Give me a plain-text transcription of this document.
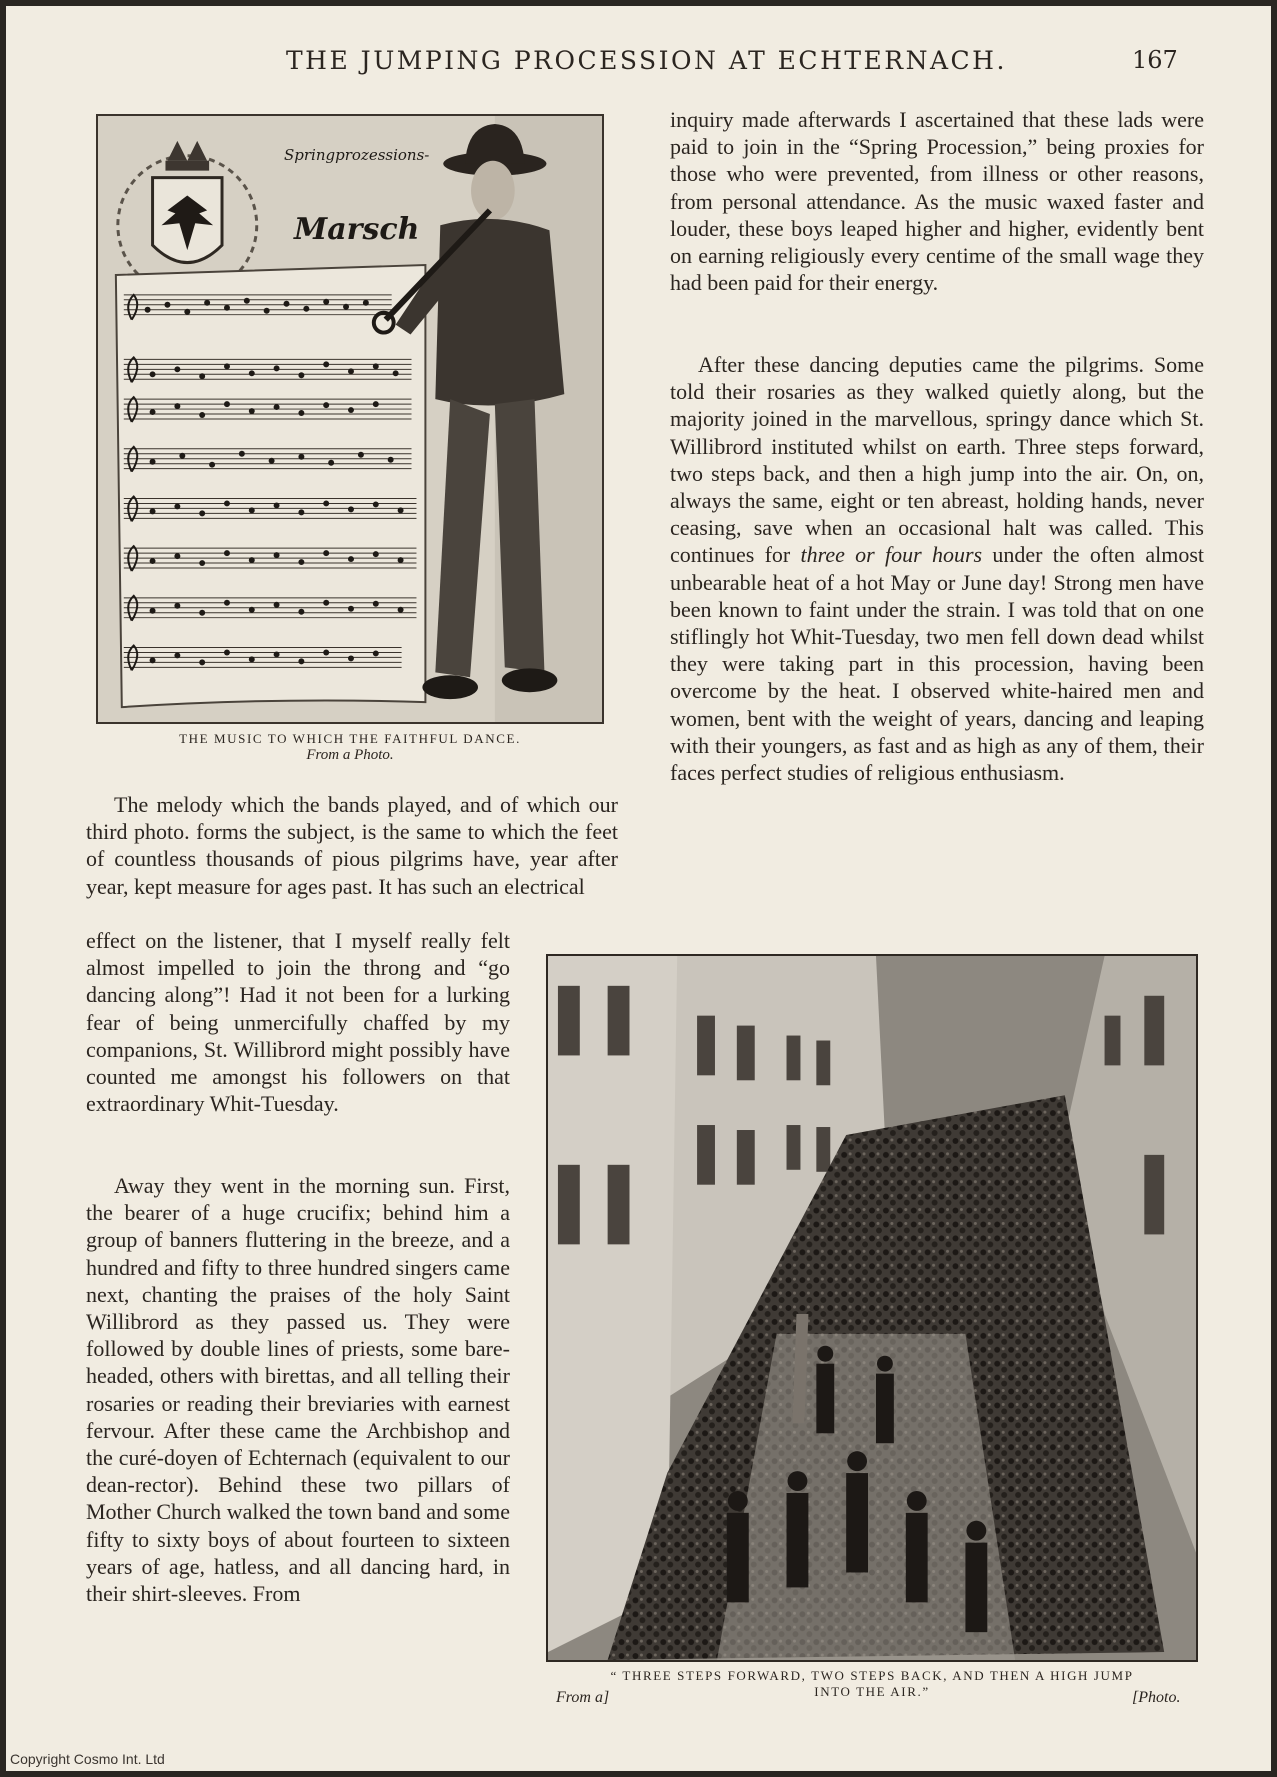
THE JUMPING PROCESSION AT ECHTERNACH.	167
Springprozessions-
Marsch
THE MUSIC TO WHICH THE FAITHFUL DANCE.
From a Photo.

inquiry made afterwards I ascertained that these lads were paid to join in the “Spring Procession,” being proxies for those who were prevented, from illness or other reasons, from personal attendance. As the music waxed faster and louder, these boys leaped higher and higher, evidently bent on earning religiously every centime of the small wage they had been paid for their energy.

After these dancing deputies came the pilgrims. Some told their rosaries as they walked quietly along, but the majority joined in the marvellous, springy dance which St. Willibrord instituted whilst on earth. Three steps forward, two steps back, and then a high jump into the air. On, on, always the same, eight or ten abreast, holding hands, never ceasing, save when an occasional halt was called. This continues for three or four hours under the often almost unbearable heat of a hot May or June day! Strong men have been known to faint under the strain. I was told that on one stiflingly hot Whit-Tuesday, two men fell down dead whilst they were taking part in this procession, having been overcome by the heat. I observed white-haired men and women, bent with the weight of years, dancing and leaping with their youngers, as fast and as high as any of them, their faces perfect studies of religious enthusiasm.

The melody which the bands played, and of which our third photo. forms the subject, is the same to which the feet of countless thousands of pious pilgrims have, year after year, kept measure for ages past. It has such an electrical

effect on the listener, that I myself really felt almost impelled to join the throng and “go dancing along”! Had it not been for a lurking fear of being unmercifully chaffed by my companions, St. Willibrord might possibly have counted me amongst his followers on that extraordinary Whit-Tuesday.

Away they went in the morning sun. First, the bearer of a huge crucifix; behind him a group of banners fluttering in the breeze, and a hundred and fifty to three hundred singers came next, chanting the praises of the holy Saint Willibrord as they passed us. They were followed by double lines of priests, some bare-headed, others with birettas, and all telling their rosaries or reading their breviaries with earnest fervour. After these came the Archbishop and the curé-doyen of Echternach (equivalent to our dean-rector). Behind these two pillars of Mother Church walked the town band and some fifty to sixty boys of about fourteen to sixteen years of age, hatless, and all dancing hard, in their shirt-sleeves. From

“ THREE STEPS FORWARD, TWO STEPS BACK, AND THEN A HIGH JUMP
INTO THE AIR.”
From a]	[Photo.
Copyright Cosmo Int. Ltd
